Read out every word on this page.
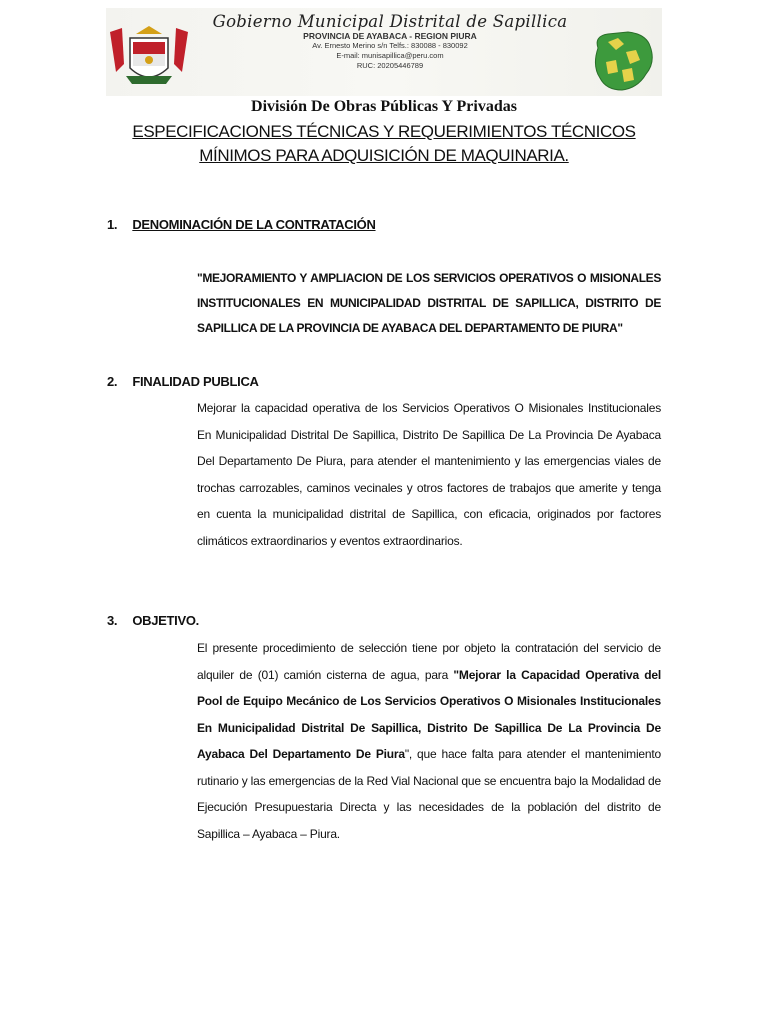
Gobierno Municipal Distrital de Sapillica
PROVINCIA DE AYABACA - REGION PIURA
Av. Ernesto Merino s/n Telfs.: 830088 - 830092
E-mail: munisapillica@peru.com
RUC: 20205446789
División De Obras Públicas Y Privadas
ESPECIFICACIONES TÉCNICAS Y REQUERIMIENTOS TÉCNICOS
MÍNIMOS PARA ADQUISICIÓN DE MAQUINARIA.
1. DENOMINACIÓN DE LA CONTRATACIÓN
"MEJORAMIENTO Y AMPLIACION DE LOS SERVICIOS OPERATIVOS O MISIONALES INSTITUCIONALES EN MUNICIPALIDAD DISTRITAL DE SAPILLICA, DISTRITO DE SAPILLICA DE LA PROVINCIA DE AYABACA DEL DEPARTAMENTO DE PIURA"
2. FINALIDAD PUBLICA
Mejorar la capacidad operativa de los Servicios Operativos O Misionales Institucionales En Municipalidad Distrital De Sapillica, Distrito De Sapillica De La Provincia De Ayabaca Del Departamento De Piura, para atender el mantenimiento y las emergencias viales de trochas carrozables, caminos vecinales y otros factores de trabajos que amerite y tenga en cuenta la municipalidad distrital de Sapillica, con eficacia, originados por factores climáticos extraordinarios y eventos extraordinarios.
3. OBJETIVO.
El presente procedimiento de selección tiene por objeto la contratación del servicio de alquiler de (01) camión cisterna de agua, para "Mejorar la Capacidad Operativa del Pool de Equipo Mecánico de Los Servicios Operativos O Misionales Institucionales En Municipalidad Distrital De Sapillica, Distrito De Sapillica De La Provincia De Ayabaca Del Departamento De Piura", que hace falta para atender el mantenimiento rutinario y las emergencias de la Red Vial Nacional que se encuentra bajo la Modalidad de Ejecución Presupuestaria Directa y las necesidades de la población del distrito de Sapillica – Ayabaca – Piura.
